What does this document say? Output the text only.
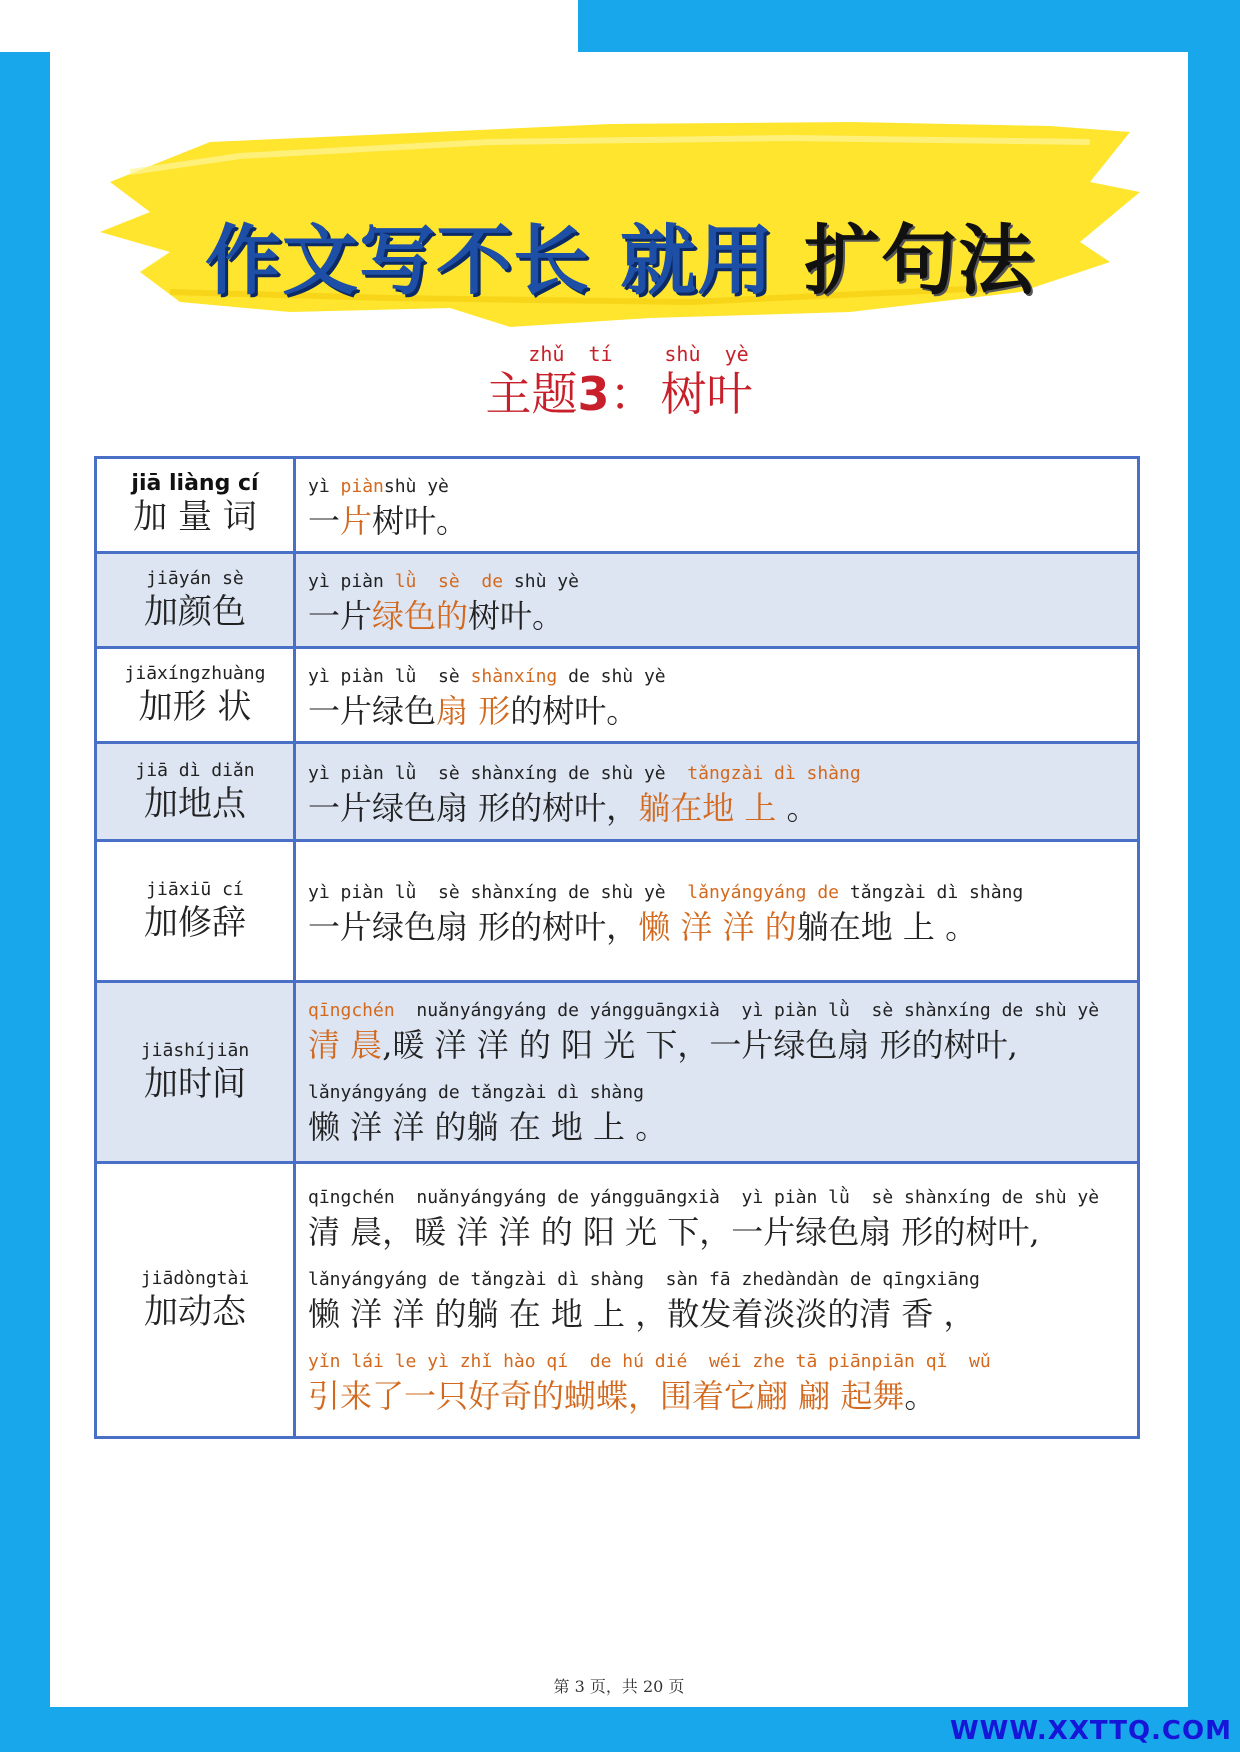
作文写不长 就用 扩句法
zhǔ  tí
主题3：

shù  yè
树叶
jiā liàng cí
加 量 词
yì piànshù yè
一片树叶。
jiāyán sè
加颜色
yì piàn lǜ  sè  de shù yè
一片绿色的树叶。
jiāxíngzhuàng
加形 状
yì piàn lǜ  sè shànxíng de shù yè
一片绿色扇 形的树叶。
jiā dì diǎn
加地点
yì piàn lǜ  sè shànxíng de shù yè  tǎngzài dì shàng
一片绿色扇 形的树叶，躺在地 上 。
jiāxiū cí
加修辞
yì piàn lǜ  sè shànxíng de shù yè  lǎnyángyáng de tǎngzài dì shàng
一片绿色扇 形的树叶，懒 洋 洋 的躺在地 上 。
jiāshíjiān
加时间
qīngchén  nuǎnyángyáng de yángguāngxià  yì piàn lǜ  sè shànxíng de shù yè
清 晨,暖 洋 洋 的 阳 光 下，一片绿色扇 形的树叶,
lǎnyángyáng de tǎngzài dì shàng
懒 洋 洋 的躺 在 地 上 。
jiādòngtài
加动态
qīngchén  nuǎnyángyáng de yángguāngxià  yì piàn lǜ  sè shànxíng de shù yè
清 晨，暖 洋 洋 的 阳 光 下，一片绿色扇 形的树叶,
lǎnyángyáng de tǎngzài dì shàng  sàn fā zhedàndàn de qīngxiāng
懒 洋 洋 的躺 在 地 上 ，散发着淡淡的清 香 ，
yǐn lái le yì zhǐ hào qí  de hú dié  wéi zhe tā piānpiān qǐ  wǔ
引来了一只好奇的蝴蝶，围着它翩 翩 起舞。
第 3 页，共 20 页
WWW.XXTTQ.COM
